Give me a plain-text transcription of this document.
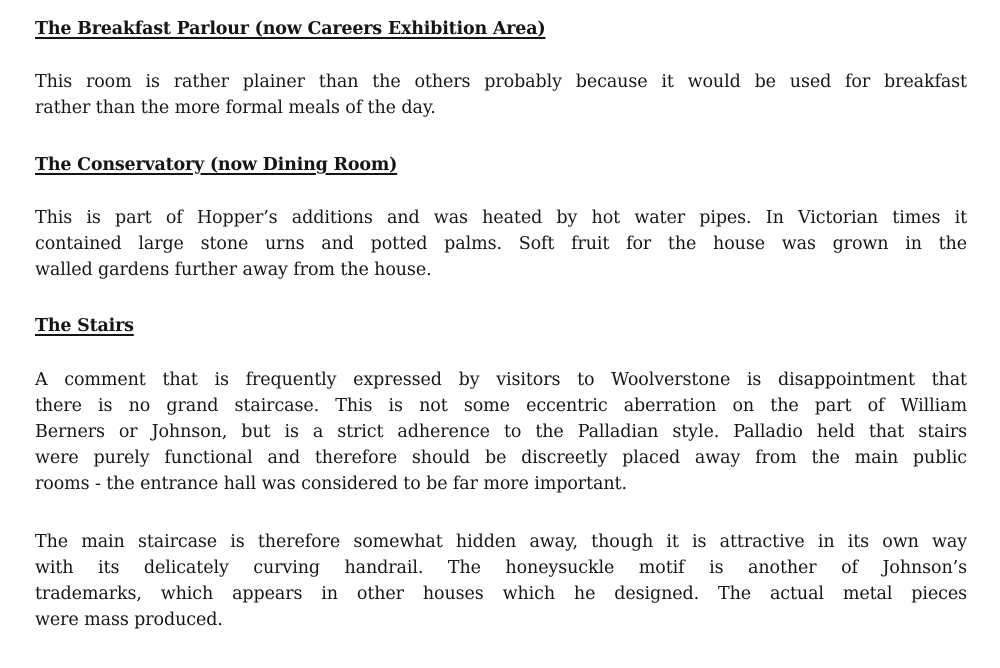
The Breakfast Parlour (now Careers Exhibition Area)
This room is rather plainer than the others probably because it would be used for breakfast
rather than the more formal meals of the day.
The Conservatory (now Dining Room)
This is part of Hopper’s additions and was heated by hot water pipes. In Victorian times it
contained large stone urns and potted palms. Soft fruit for the house was grown in the
walled gardens further away from the house.
The Stairs
A comment that is frequently expressed by visitors to Woolverstone is disappointment that
there is no grand staircase. This is not some eccentric aberration on the part of William
Berners or Johnson, but is a strict adherence to the Palladian style. Palladio held that stairs
were purely functional and therefore should be discreetly placed away from the main public
rooms - the entrance hall was considered to be far more important.
The main staircase is therefore somewhat hidden away, though it is attractive in its own way
with its delicately curving handrail. The honeysuckle motif is another of Johnson’s
trademarks, which appears in other houses which he designed. The actual metal pieces
were mass produced.
